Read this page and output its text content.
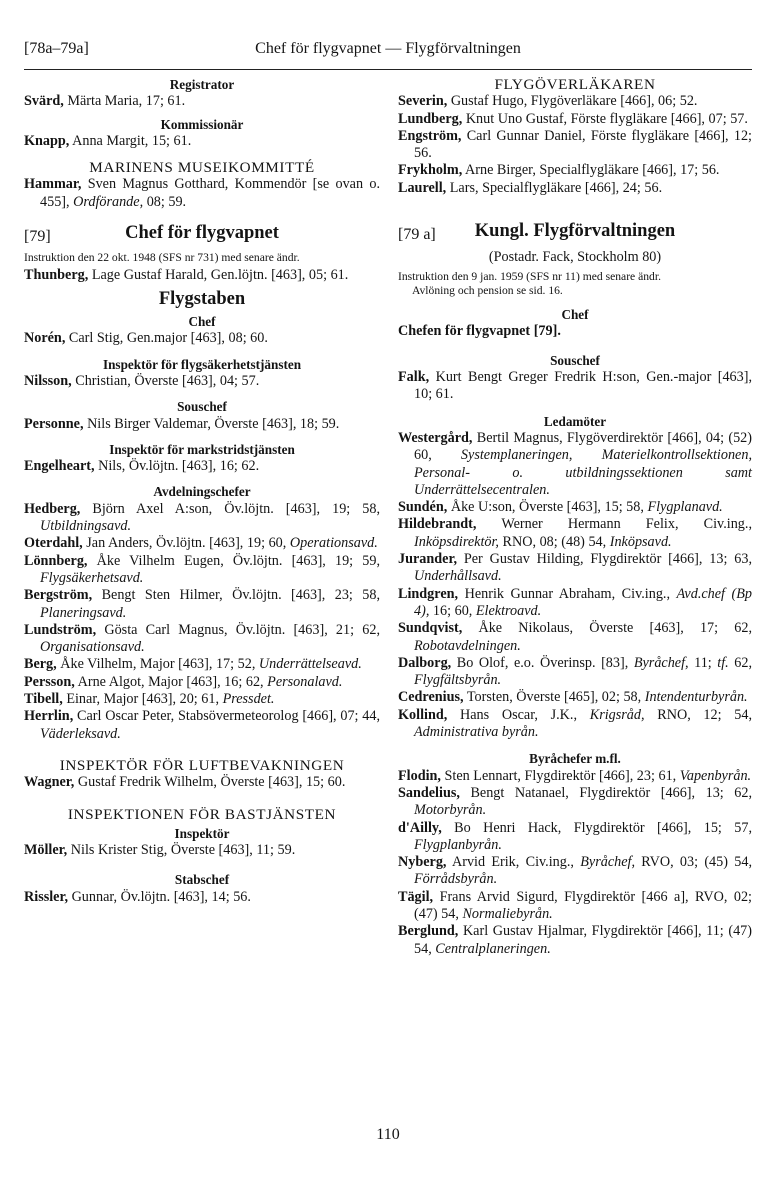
[78a–79a]	Chef för flygvapnet — Flygförvaltningen
Registrator
Svärd, Märta Maria, 17; 61.
Kommissionär
Knapp, Anna Margit, 15; 61.
MARINENS MUSEIKOMMITTÉ
Hammar, Sven Magnus Gotthard, Kommendör [se ovan o. 455], Ordförande, 08; 59.
[79]	Chef för flygvapnet
Instruktion den 22 okt. 1948 (SFS nr 731) med senare ändr.
Thunberg, Lage Gustaf Harald, Gen.löjtn. [463], 05; 61.
Flygstaben
Chef
Norén, Carl Stig, Gen.major [463], 08; 60.
Inspektör för flygsäkerhetstjänsten
Nilsson, Christian, Överste [463], 04; 57.
Souschef
Personne, Nils Birger Valdemar, Överste [463], 18; 59.
Inspektör för markstridstjänsten
Engelheart, Nils, Öv.löjtn. [463], 16; 62.
Avdelningschefer
Hedberg, Björn Axel A:son, Öv.löjtn. [463], 19; 58, Utbildningsavd.
Oterdahl, Jan Anders, Öv.löjtn. [463], 19; 60, Operationsavd.
Lönnberg, Åke Vilhelm Eugen, Öv.löjtn. [463], 19; 59, Flygsäkerhetsavd.
Bergström, Bengt Sten Hilmer, Öv.löjtn. [463], 23; 58, Planeringsavd.
Lundström, Gösta Carl Magnus, Öv.löjtn. [463], 21; 62, Organisationsavd.
Berg, Åke Vilhelm, Major [463], 17; 52, Underrättelseavd.
Persson, Arne Algot, Major [463], 16; 62, Personalavd.
Tibell, Einar, Major [463], 20; 61, Pressdet.
Herrlin, Carl Oscar Peter, Stabsövermeteorolog [466], 07; 44, Väderleksavd.
INSPEKTÖR FÖR LUFTBEVAKNINGEN
Wagner, Gustaf Fredrik Wilhelm, Överste [463], 15; 60.
INSPEKTIONEN FÖR BASTJÄNSTEN
Inspektör
Möller, Nils Krister Stig, Överste [463], 11; 59.
Stabschef
Rissler, Gunnar, Öv.löjtn. [463], 14; 56.
FLYGÖVERLÄKAREN
Severin, Gustaf Hugo, Flygöverläkare [466], 06; 52.
Lundberg, Knut Uno Gustaf, Förste flygläkare [466], 07; 57.
Engström, Carl Gunnar Daniel, Förste flygläkare [466], 12; 56.
Frykholm, Arne Birger, Specialflygläkare [466], 17; 56.
Laurell, Lars, Specialflygläkare [466], 24; 56.
[79 a]	Kungl. Flygförvaltningen
(Postadr. Fack, Stockholm 80)
Instruktion den 9 jan. 1959 (SFS nr 11) med senare ändr.
Avlöning och pension se sid. 16.
Chef
Chefen för flygvapnet [79].
Souschef
Falk, Kurt Bengt Greger Fredrik H:son, Gen.-major [463], 10; 61.
Ledamöter
Westergård, Bertil Magnus, Flygöverdirektör [466], 04; (52) 60, Systemplaneringen, Materielkontrollsektionen, Personal- o. utbildningssektionen samt Underrättelsecentralen.
Sundén, Åke U:son, Överste [463], 15; 58, Flygplanavd.
Hildebrandt, Werner Hermann Felix, Civ.ing., Inköpsdirektör, RNO, 08; (48) 54, Inköpsavd.
Jurander, Per Gustav Hilding, Flygdirektör [466], 13; 63, Underhållsavd.
Lindgren, Henrik Gunnar Abraham, Civ.ing., Avd.chef (Bp 4), 16; 60, Elektroavd.
Sundqvist, Åke Nikolaus, Överste [463], 17; 62, Robotavdelningen.
Dalborg, Bo Olof, e.o. Överinsp. [83], Byråchef, 11; tf. 62, Flygfältsbyrån.
Cedrenius, Torsten, Överste [465], 02; 58, Intendenturbyrån.
Kollind, Hans Oscar, J.K., Krigsråd, RNO, 12; 54, Administrativa byrån.
Byråchefer m.fl.
Flodin, Sten Lennart, Flygdirektör [466], 23; 61, Vapenbyrån.
Sandelius, Bengt Natanael, Flygdirektör [466], 13; 62, Motorbyrån.
d'Ailly, Bo Henri Hack, Flygdirektör [466], 15; 57, Flygplanbyrån.
Nyberg, Arvid Erik, Civ.ing., Byråchef, RVO, 03; (45) 54, Förrådsbyrån.
Tägil, Frans Arvid Sigurd, Flygdirektör [466 a], RVO, 02; (47) 54, Normaliebyrån.
Berglund, Karl Gustav Hjalmar, Flygdirektör [466], 11; (47) 54, Centralplaneringen.
110
